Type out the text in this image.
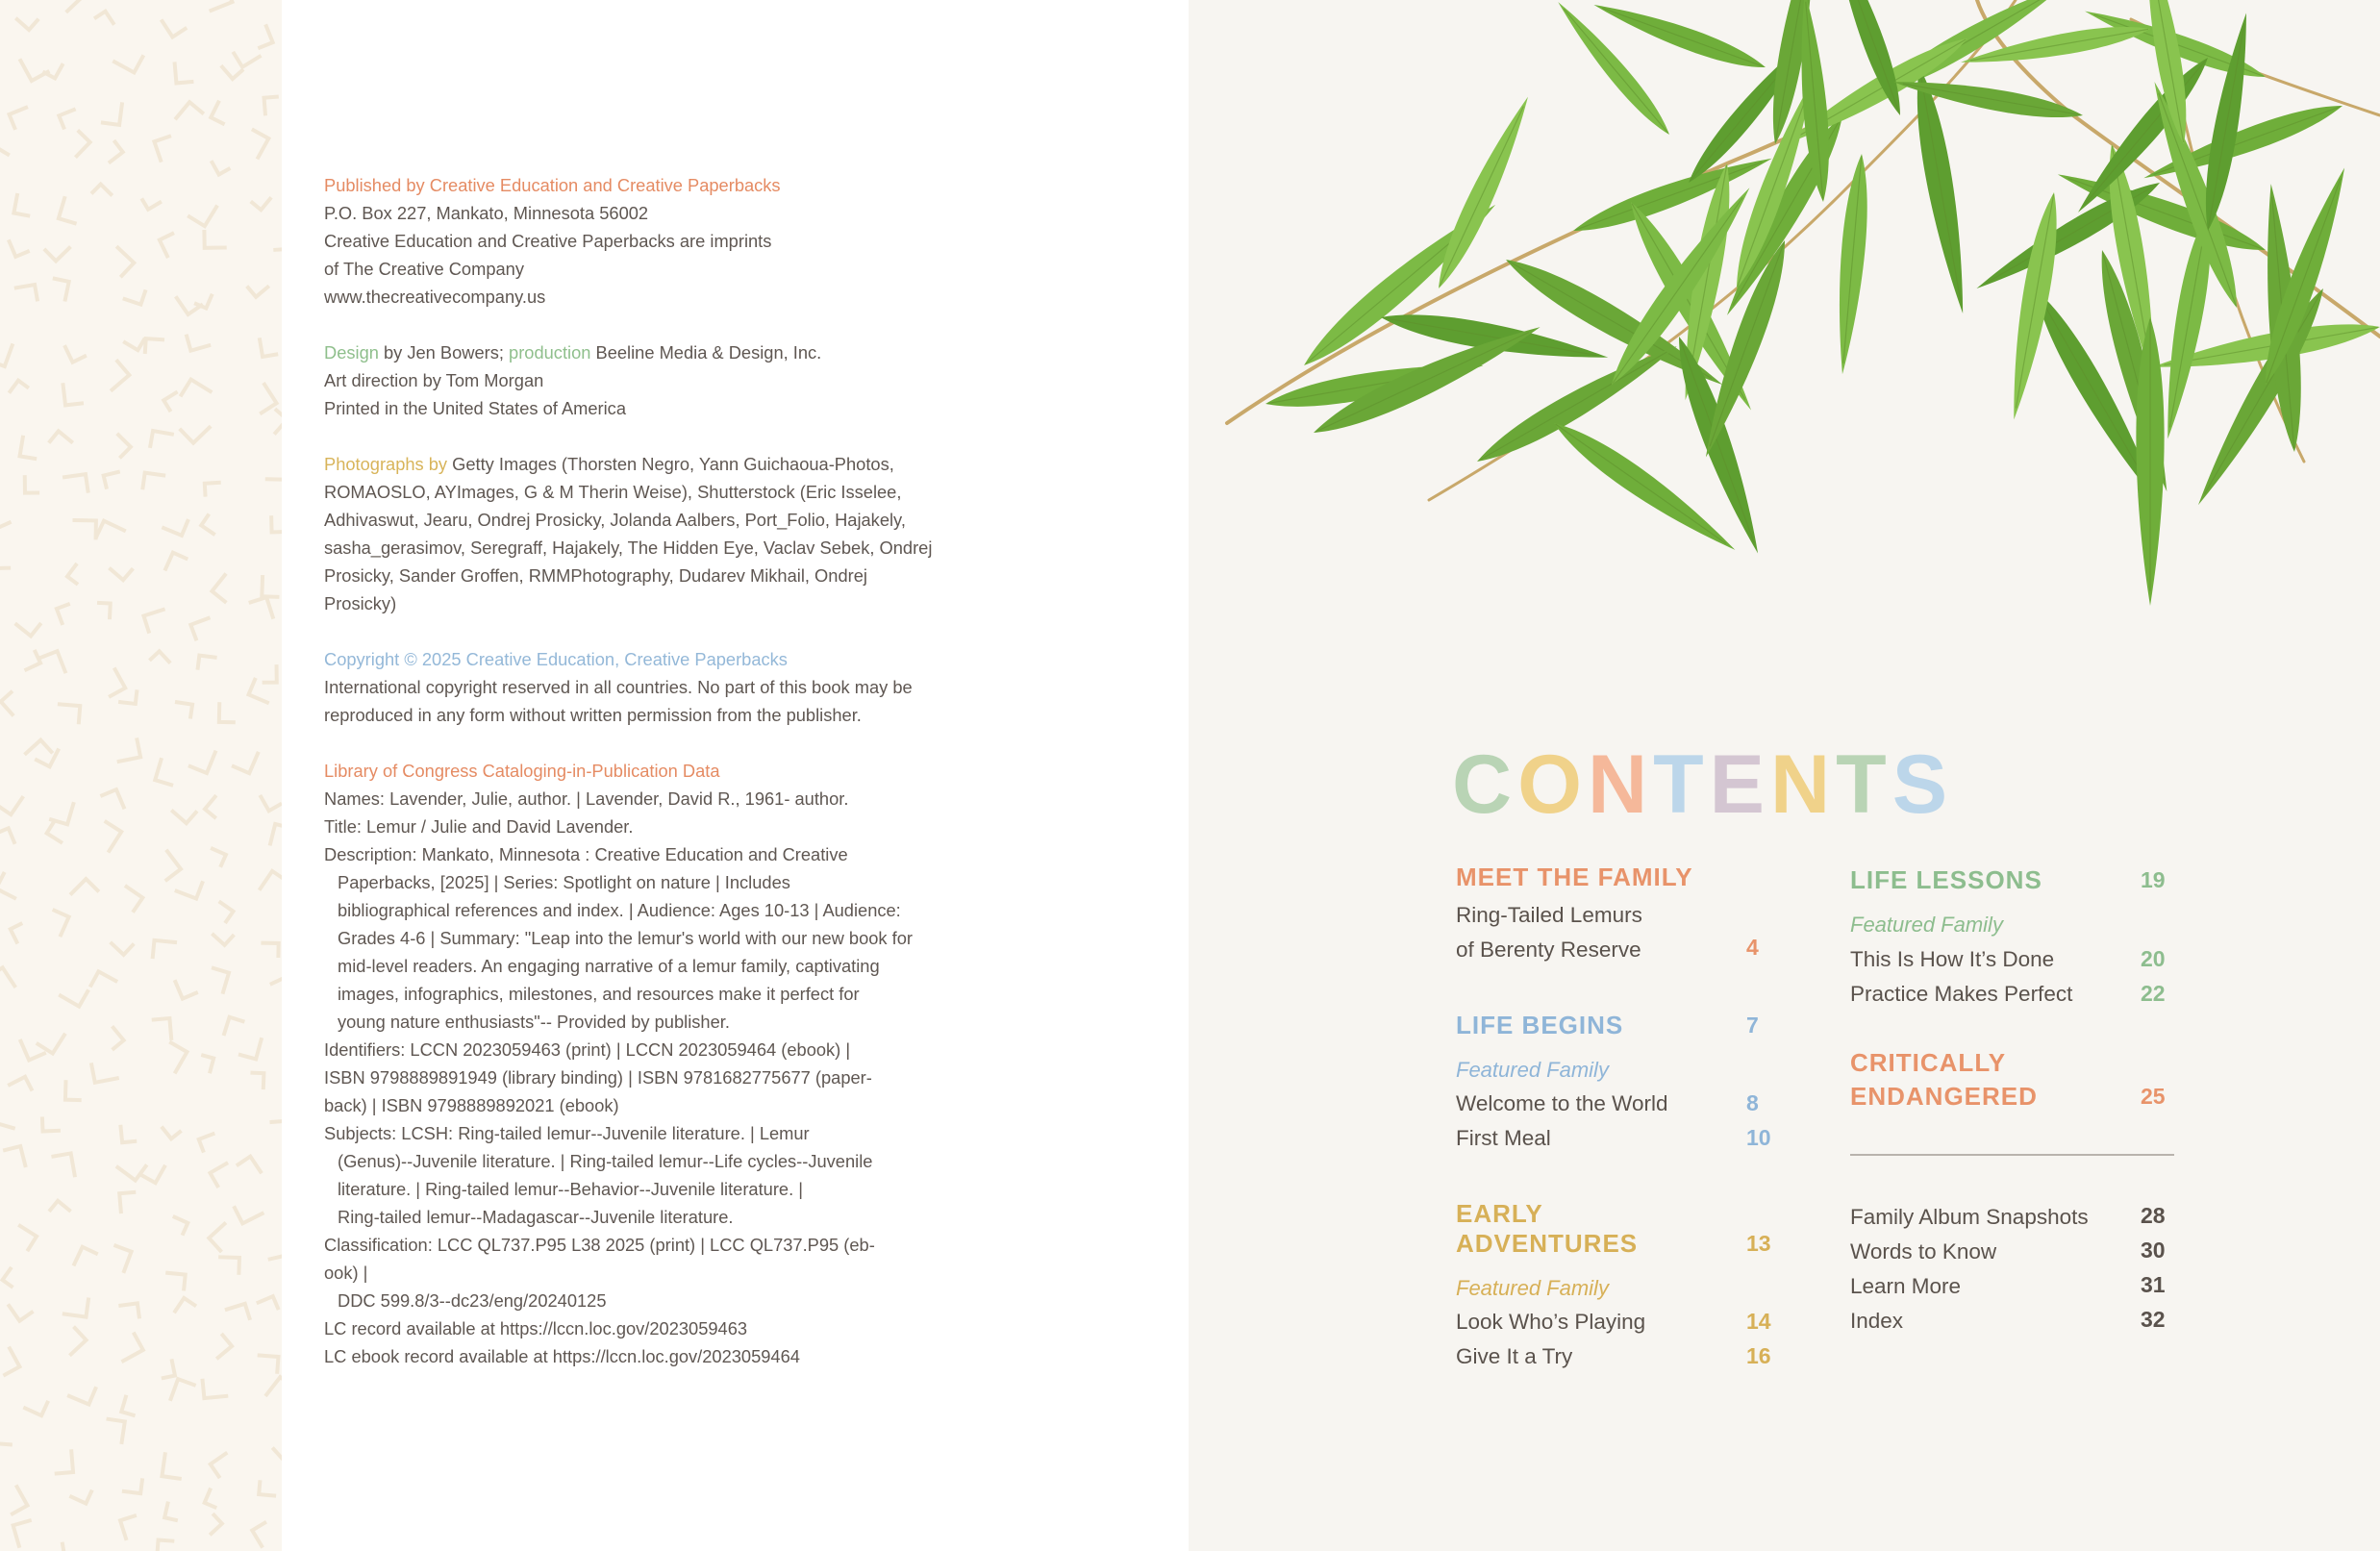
Published by Creative Education and Creative Paperbacks
P.O. Box 227, Mankato, Minnesota 56002
Creative Education and Creative Paperbacks are imprints
of The Creative Company
www.thecreativecompany.us
Design by Jen Bowers; production Beeline Media & Design, Inc.
Art direction by Tom Morgan
Printed in the United States of America
Photographs by Getty Images (Thorsten Negro, Yann Guichaoua-Photos,
ROMAOSLO, AYImages, G & M Therin Weise), Shutterstock (Eric Isselee,
Adhivaswut, Jearu, Ondrej Prosicky, Jolanda Aalbers, Port_Folio, Hajakely,
sasha_gerasimov, Seregraff, Hajakely, The Hidden Eye, Vaclav Sebek, Ondrej
Prosicky, Sander Groffen, RMMPhotography, Dudarev Mikhail, Ondrej
Prosicky)
Copyright © 2025 Creative Education, Creative Paperbacks
International copyright reserved in all countries. No part of this book may be
reproduced in any form without written permission from the publisher.
Library of Congress Cataloging-in-Publication Data
Names: Lavender, Julie, author. | Lavender, David R., 1961- author.
Title: Lemur / Julie and David Lavender.
Description: Mankato, Minnesota : Creative Education and Creative
Paperbacks, [2025] | Series: Spotlight on nature | Includes
bibliographical references and index. | Audience: Ages 10-13 | Audience:
Grades 4-6 | Summary: "Leap into the lemur's world with our new book for
mid-level readers. An engaging narrative of a lemur family, captivating
images, infographics, milestones, and resources make it perfect for
young nature enthusiasts"-- Provided by publisher.
Identifiers: LCCN 2023059463 (print) | LCCN 2023059464 (ebook) |
ISBN 9798889891949 (library binding) | ISBN 9781682775677 (paper-
back) | ISBN 9798889892021 (ebook)
Subjects: LCSH: Ring-tailed lemur--Juvenile literature. | Lemur
(Genus)--Juvenile literature. | Ring-tailed lemur--Life cycles--Juvenile
literature. | Ring-tailed lemur--Behavior--Juvenile literature. |
Ring-tailed lemur--Madagascar--Juvenile literature.
Classification: LCC QL737.P95 L38 2025 (print) | LCC QL737.P95 (eb-
ook) |
DDC 599.8/3--dc23/eng/20240125
LC record available at https://lccn.loc.gov/2023059463
LC ebook record available at https://lccn.loc.gov/2023059464
CONTENTS
MEET THE FAMILY
Ring-Tailed Lemurs
of Berenty Reserve	4
LIFE BEGINS	7
Featured Family
Welcome to the World	8
First Meal	10
EARLY
ADVENTURES	13
Featured Family
Look Who’s Playing	14
Give It a Try	16
LIFE LESSONS	19
Featured Family
This Is How It’s Done	20
Practice Makes Perfect	22
CRITICALLY
ENDANGERED	25
Family Album Snapshots 28
Words to Know	30
Learn More	31
Index	32
